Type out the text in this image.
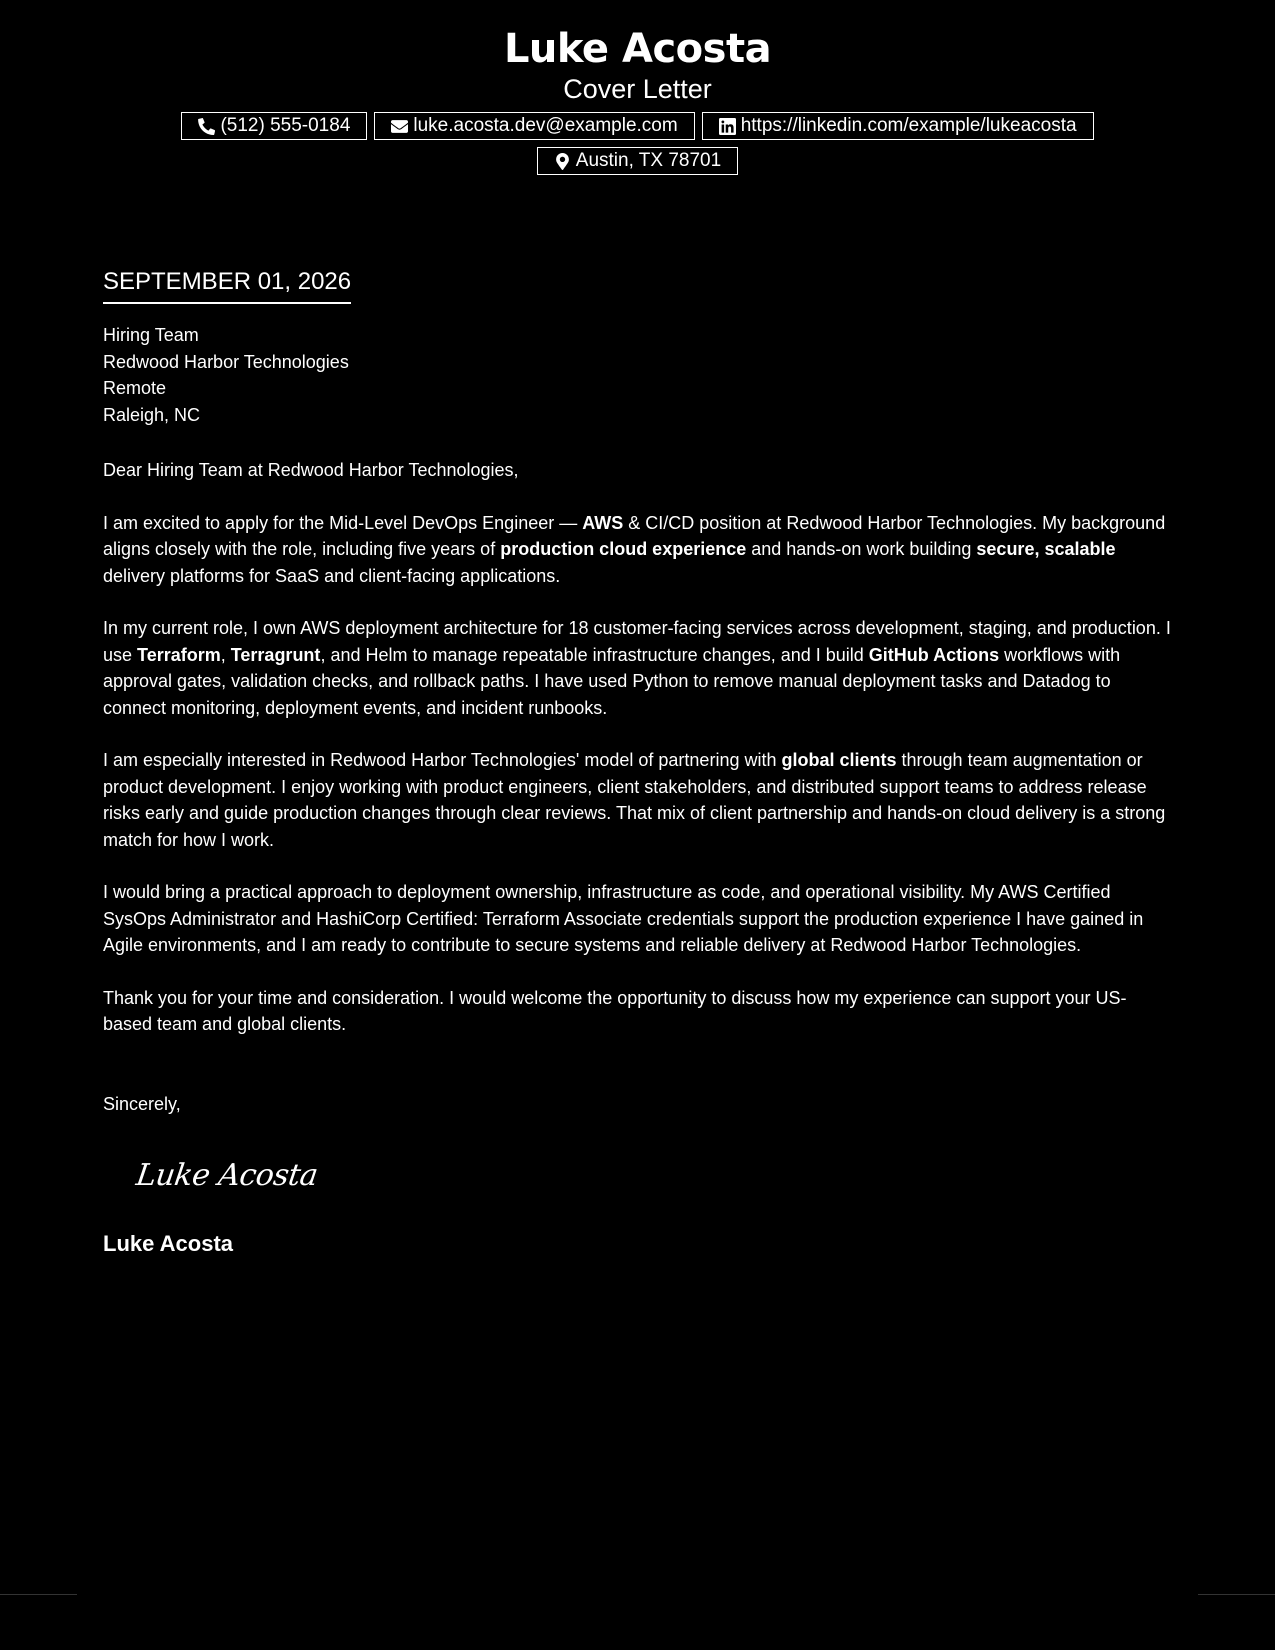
Luke Acosta
Cover Letter
(512) 555-0184	luke.acosta.dev@example.com	https://linkedin.com/example/lukeacosta
Austin, TX 78701
SEPTEMBER 01, 2026
Hiring Team
Redwood Harbor Technologies
Remote
Raleigh, NC
Dear Hiring Team at Redwood Harbor Technologies,

I am excited to apply for the Mid-Level DevOps Engineer — AWS & CI/CD position at Redwood Harbor Technologies. My background aligns closely with the role, including five years of production cloud experience and hands-on work building secure, scalable delivery platforms for SaaS and client-facing applications.

In my current role, I own AWS deployment architecture for 18 customer-facing services across development, staging, and production. I use Terraform, Terragrunt, and Helm to manage repeatable infrastructure changes, and I build GitHub Actions workflows with approval gates, validation checks, and rollback paths. I have used Python to remove manual deployment tasks and Datadog to connect monitoring, deployment events, and incident runbooks.

I am especially interested in Redwood Harbor Technologies' model of partnering with global clients through team augmentation or product development. I enjoy working with product engineers, client stakeholders, and distributed support teams to address release risks early and guide production changes through clear reviews. That mix of client partnership and hands-on cloud delivery is a strong match for how I work.

I would bring a practical approach to deployment ownership, infrastructure as code, and operational visibility. My AWS Certified SysOps Administrator and HashiCorp Certified: Terraform Associate credentials support the production experience I have gained in Agile environments, and I am ready to contribute to secure systems and reliable delivery at Redwood Harbor Technologies.

Thank you for your time and consideration. I would welcome the opportunity to discuss how my experience can support your US-based team and global clients.

Sincerely,
Luke Acosta
Luke Acosta
